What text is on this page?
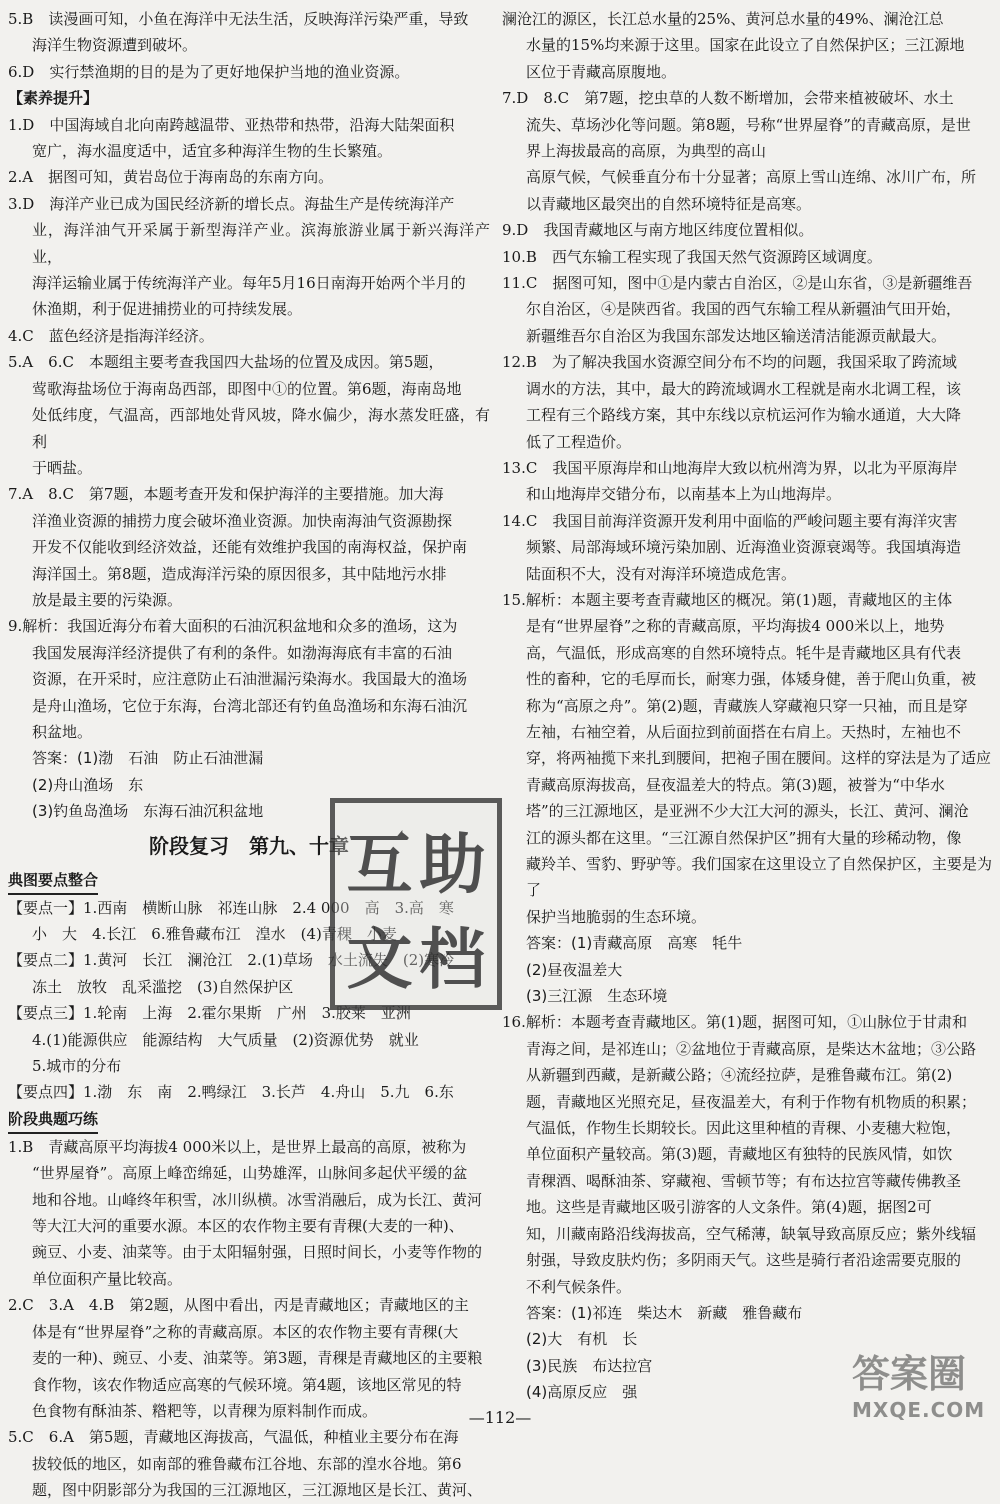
5.B　读漫画可知，小鱼在海洋中无法生活，反映海洋污染严重，导致
海洋生物资源遭到破坏。
6.D　实行禁渔期的目的是为了更好地保护当地的渔业资源。
【素养提升】
1.D　中国海域自北向南跨越温带、亚热带和热带，沿海大陆架面积
宽广，海水温度适中，适宜多种海洋生物的生长繁殖。
2.A　据图可知，黄岩岛位于海南岛的东南方向。
3.D　海洋产业已成为国民经济新的增长点。海盐生产是传统海洋产
业，海洋油气开采属于新型海洋产业。滨海旅游业属于新兴海洋产业，
海洋运输业属于传统海洋产业。每年5月16日南海开始两个半月的
休渔期，利于促进捕捞业的可持续发展。
4.C　蓝色经济是指海洋经济。
5.A　6.C　本题组主要考查我国四大盐场的位置及成因。第5题，
莺歌海盐场位于海南岛西部，即图中①的位置。第6题，海南岛地
处低纬度，气温高，西部地处背风坡，降水偏少，海水蒸发旺盛，有利
于晒盐。
7.A　8.C　第7题，本题考查开发和保护海洋的主要措施。加大海
洋渔业资源的捕捞力度会破坏渔业资源。加快南海油气资源勘探
开发不仅能收到经济效益，还能有效维护我国的南海权益，保护南
海洋国土。第8题，造成海洋污染的原因很多，其中陆地污水排
放是最主要的污染源。
9.解析：我国近海分布着大面积的石油沉积盆地和众多的渔场，这为
我国发展海洋经济提供了有利的条件。如渤海海底有丰富的石油
资源，在开采时，应注意防止石油泄漏污染海水。我国最大的渔场
是舟山渔场，它位于东海，台湾北部还有钓鱼岛渔场和东海石油沉
积盆地。
答案：(1)渤　石油　防止石油泄漏
(2)舟山渔场　东
(3)钓鱼岛渔场　东海石油沉积盆地
阶段复习　第九、十章
典图要点整合
【要点一】1.西南　横断山脉　祁连山脉　2.4 000　高　3.高　寒
小　大　4.长江　6.雅鲁藏布江　湟水　(4)青稞　小麦
【要点二】1.黄河　长江　澜沧江　2.(1)草场　水土流失　(2)寒冷
冻土　放牧　乱采滥挖　(3)自然保护区
【要点三】1.轮南　上海　2.霍尔果斯　广州　3.胶莱　亚洲
4.(1)能源供应　能源结构　大气质量　(2)资源优势　就业
5.城市的分布
【要点四】1.渤　东　南　2.鸭绿江　3.长芦　4.舟山　5.九　6.东
阶段典题巧练
1.B　青藏高原平均海拔4 000米以上，是世界上最高的高原，被称为
“世界屋脊”。高原上峰峦绵延，山势雄浑，山脉间多起伏平缓的盆
地和谷地。山峰终年积雪，冰川纵横。冰雪消融后，成为长江、黄河
等大江大河的重要水源。本区的农作物主要有青稞(大麦的一种)、
豌豆、小麦、油菜等。由于太阳辐射强，日照时间长，小麦等作物的
单位面积产量比较高。
2.C　3.A　4.B　第2题，从图中看出，丙是青藏地区；青藏地区的主
体是有“世界屋脊”之称的青藏高原。本区的农作物主要有青稞(大
麦的一种)、豌豆、小麦、油菜等。第3题，青稞是青藏地区的主要粮
食作物，该农作物适应高寒的气候环境。第4题，该地区常见的特
色食物有酥油茶、糌粑等，以青稞为原料制作而成。
5.C　6.A　第5题，青藏地区海拔高，气温低，种植业主要分布在海
拔较低的地区，如南部的雅鲁藏布江谷地、东部的湟水谷地。第6
题，图中阴影部分为我国的三江源地区，三江源地区是长江、黄河、
澜沧江的源区，长江总水量的25%、黄河总水量的49%、澜沧江总
水量的15%均来源于这里。国家在此设立了自然保护区；三江源地
区位于青藏高原腹地。
7.D　8.C　第7题，挖虫草的人数不断增加，会带来植被破坏、水土
流失、草场沙化等问题。第8题，号称“世界屋脊”的青藏高原，是世
界上海拔最高的高原，为典型的高山
高原气候，气候垂直分布十分显著；高原上雪山连绵、冰川广布，所
以青藏地区最突出的自然环境特征是高寒。
9.D　我国青藏地区与南方地区纬度位置相似。
10.B　西气东输工程实现了我国天然气资源跨区域调度。
11.C　据图可知，图中①是内蒙古自治区，②是山东省，③是新疆维吾
尔自治区，④是陕西省。我国的西气东输工程从新疆油气田开始，
新疆维吾尔自治区为我国东部发达地区输送清洁能源贡献最大。
12.B　为了解决我国水资源空间分布不均的问题，我国采取了跨流域
调水的方法，其中，最大的跨流域调水工程就是南水北调工程，该
工程有三个路线方案，其中东线以京杭运河作为输水通道，大大降
低了工程造价。
13.C　我国平原海岸和山地海岸大致以杭州湾为界，以北为平原海岸
和山地海岸交错分布，以南基本上为山地海岸。
14.C　我国目前海洋资源开发利用中面临的严峻问题主要有海洋灾害
频繁、局部海域环境污染加剧、近海渔业资源衰竭等。我国填海造
陆面积不大，没有对海洋环境造成危害。
15.解析：本题主要考查青藏地区的概况。第(1)题，青藏地区的主体
是有“世界屋脊”之称的青藏高原，平均海拔4 000米以上，地势
高，气温低，形成高寒的自然环境特点。牦牛是青藏地区具有代表
性的畜种，它的毛厚而长，耐寒力强，体矮身健，善于爬山负重，被
称为“高原之舟”。第(2)题，青藏族人穿藏袍只穿一只袖，而且是穿
左袖，右袖空着，从后面拉到前面搭在右肩上。天热时，左袖也不
穿，将两袖揽下来扎到腰间，把袍子围在腰间。这样的穿法是为了适应
青藏高原海拔高，昼夜温差大的特点。第(3)题，被誉为“中华水
塔”的三江源地区，是亚洲不少大江大河的源头，长江、黄河、澜沧
江的源头都在这里。“三江源自然保护区”拥有大量的珍稀动物，像
藏羚羊、雪豹、野驴等。我们国家在这里设立了自然保护区，主要是为了
保护当地脆弱的生态环境。
答案：(1)青藏高原　高寒　牦牛
(2)昼夜温差大
(3)三江源　生态环境
16.解析：本题考查青藏地区。第(1)题，据图可知，①山脉位于甘肃和
青海之间，是祁连山；②盆地位于青藏高原，是柴达木盆地；③公路
从新疆到西藏，是新藏公路；④流经拉萨，是雅鲁藏布江。第(2)
题，青藏地区光照充足，昼夜温差大，有利于作物有机物质的积累；
气温低，作物生长期较长。因此这里种植的青稞、小麦穗大粒饱，
单位面积产量较高。第(3)题，青藏地区有独特的民族风情，如饮
青稞酒、喝酥油茶、穿藏袍、雪顿节等；有布达拉宫等藏传佛教圣
地。这些是青藏地区吸引游客的人文条件。第(4)题，据图2可
知，川藏南路沿线海拔高，空气稀薄，缺氧导致高原反应；紫外线辐
射强，导致皮肤灼伤；多阴雨天气。这些是骑行者沿途需要克服的
不利气候条件。
答案：(1)祁连　柴达木　新藏　雅鲁藏布
(2)大　有机　长
(3)民族　布达拉宫
(4)高原反应　强
互 助
文 档
—112—
答案圈
MXQE.COM
